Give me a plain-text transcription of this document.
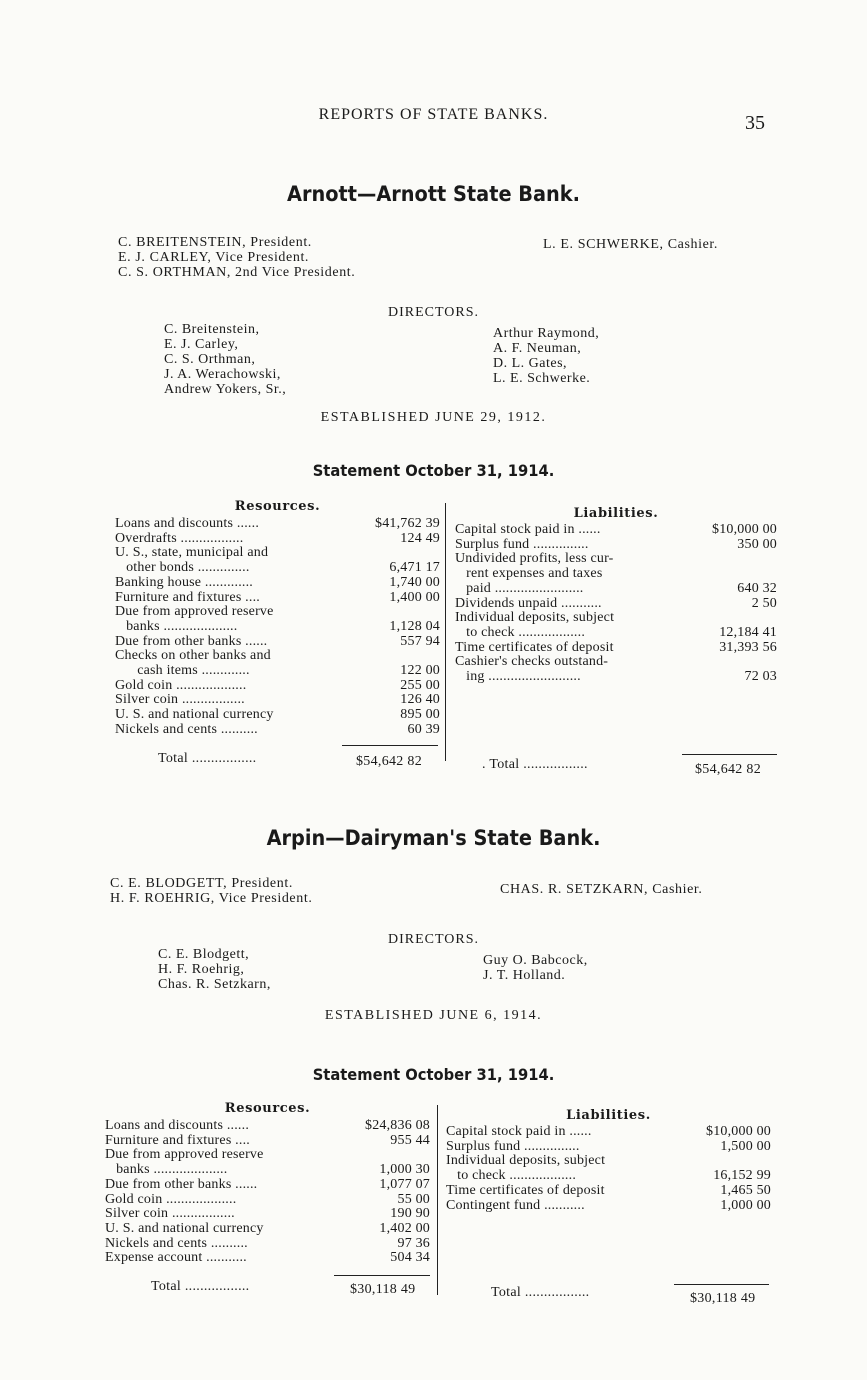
REPORTS OF STATE BANKS.	35
Arnott—Arnott State Bank.
C. BREITENSTEIN, President.
E. J. CARLEY, Vice President.
C. S. ORTHMAN, 2nd Vice President.
L. E. SCHWERKE, Cashier.
DIRECTORS.
C. Breitenstein,
E. J. Carley,
C. S. Orthman,
J. A. Werachowski,
Andrew Yokers, Sr.,
Arthur Raymond,
A. F. Neuman,
D. L. Gates,
L. E. Schwerke.
ESTABLISHED JUNE 29, 1912.
Statement October 31, 1914.
Resources.
Loans and discounts ......	$41,762 39
Overdrafts .................	124 49
U. S., state, municipal and
other bonds ..............	6,471 17
Banking house .............	1,740 00
Furniture and fixtures ....	1,400 00
Due from approved reserve
banks ....................	1,128 04
Due from other banks ......	557 94
Checks on other banks and
cash items .............	122 00
Gold coin ...................	255 00
Silver coin .................	126 40
U. S. and national currency	895 00
Nickels and cents ..........	60 39
Total .................	$54,642 82
Liabilities.
Capital stock paid in ......	$10,000 00
Surplus fund ...............	350 00
Undivided profits, less cur-
rent expenses and taxes
paid ........................	640 32
Dividends unpaid ...........	2 50
Individual deposits, subject
to check ..................	12,184 41
Time certificates of deposit	31,393 56
Cashier's checks outstand-
ing .........................	72 03
. Total .................	$54,642 82
Arpin—Dairyman's State Bank.
C. E. BLODGETT, President.
H. F. ROEHRIG, Vice President.
CHAS. R. SETZKARN, Cashier.
DIRECTORS.
C. E. Blodgett,
H. F. Roehrig,
Chas. R. Setzkarn,
Guy O. Babcock,
J. T. Holland.
ESTABLISHED JUNE 6, 1914.
Statement October 31, 1914.
Resources.
Loans and discounts ......	$24,836 08
Furniture and fixtures ....	955 44
Due from approved reserve
banks ....................	1,000 30
Due from other banks ......	1,077 07
Gold coin ...................	55 00
Silver coin .................	190 90
U. S. and national currency	1,402 00
Nickels and cents ..........	97 36
Expense account ...........	504 34
Total .................	$30,118 49
Liabilities.
Capital stock paid in ......	$10,000 00
Surplus fund ...............	1,500 00
Individual deposits, subject
to check ..................	16,152 99
Time certificates of deposit	1,465 50
Contingent fund ...........	1,000 00
Total .................	$30,118 49
